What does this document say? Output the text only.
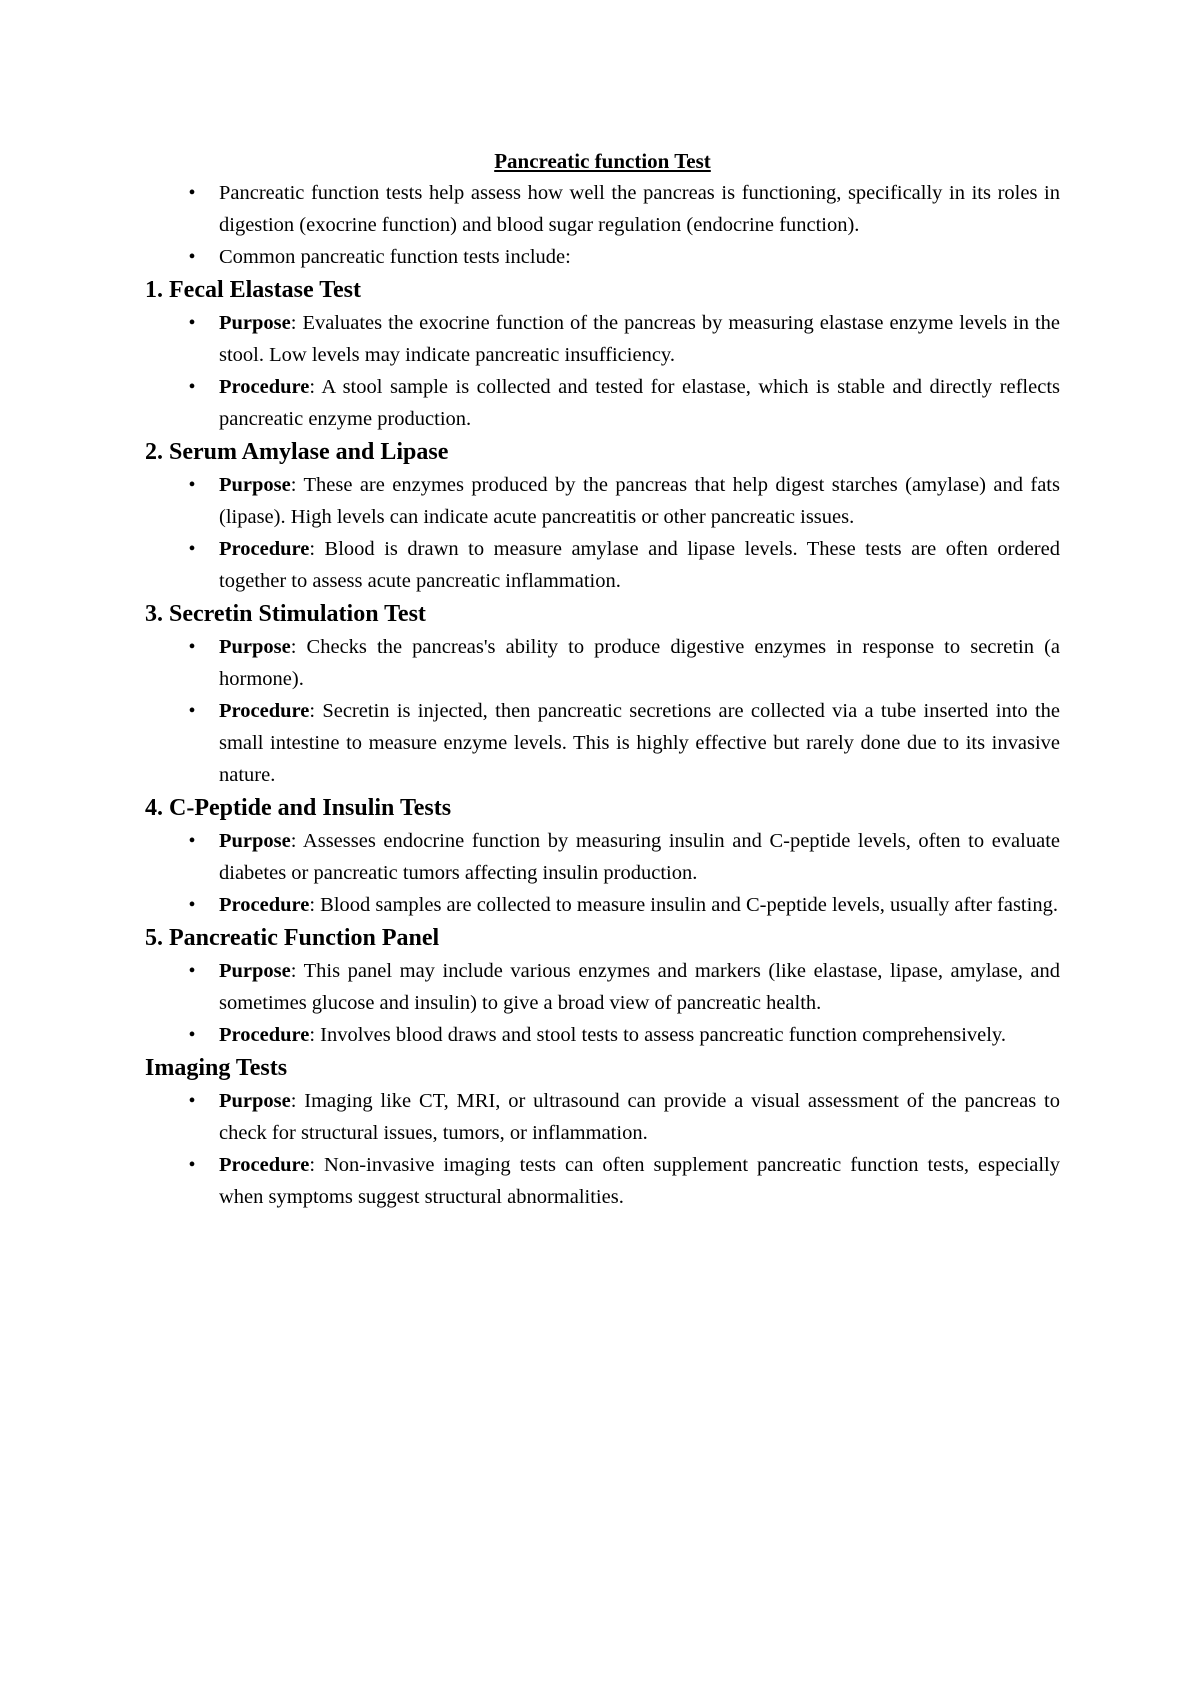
Pancreatic function Test
• Pancreatic function tests help assess how well the pancreas is functioning, specifically in its roles in digestion (exocrine function) and blood sugar regulation (endocrine function).
• Common pancreatic function tests include:
1. Fecal Elastase Test
• Purpose: Evaluates the exocrine function of the pancreas by measuring elastase enzyme levels in the stool. Low levels may indicate pancreatic insufficiency.
• Procedure: A stool sample is collected and tested for elastase, which is stable and directly reflects pancreatic enzyme production.
2. Serum Amylase and Lipase
• Purpose: These are enzymes produced by the pancreas that help digest starches (amylase) and fats (lipase). High levels can indicate acute pancreatitis or other pancreatic issues.
• Procedure: Blood is drawn to measure amylase and lipase levels. These tests are often ordered together to assess acute pancreatic inflammation.
3. Secretin Stimulation Test
• Purpose: Checks the pancreas's ability to produce digestive enzymes in response to secretin (a hormone).
• Procedure: Secretin is injected, then pancreatic secretions are collected via a tube inserted into the small intestine to measure enzyme levels. This is highly effective but rarely done due to its invasive nature.
4. C-Peptide and Insulin Tests
• Purpose: Assesses endocrine function by measuring insulin and C-peptide levels, often to evaluate diabetes or pancreatic tumors affecting insulin production.
• Procedure: Blood samples are collected to measure insulin and C-peptide levels, usually after fasting.
5. Pancreatic Function Panel
• Purpose: This panel may include various enzymes and markers (like elastase, lipase, amylase, and sometimes glucose and insulin) to give a broad view of pancreatic health.
• Procedure: Involves blood draws and stool tests to assess pancreatic function comprehensively.
Imaging Tests
• Purpose: Imaging like CT, MRI, or ultrasound can provide a visual assessment of the pancreas to check for structural issues, tumors, or inflammation.
• Procedure: Non-invasive imaging tests can often supplement pancreatic function tests, especially when symptoms suggest structural abnormalities.
